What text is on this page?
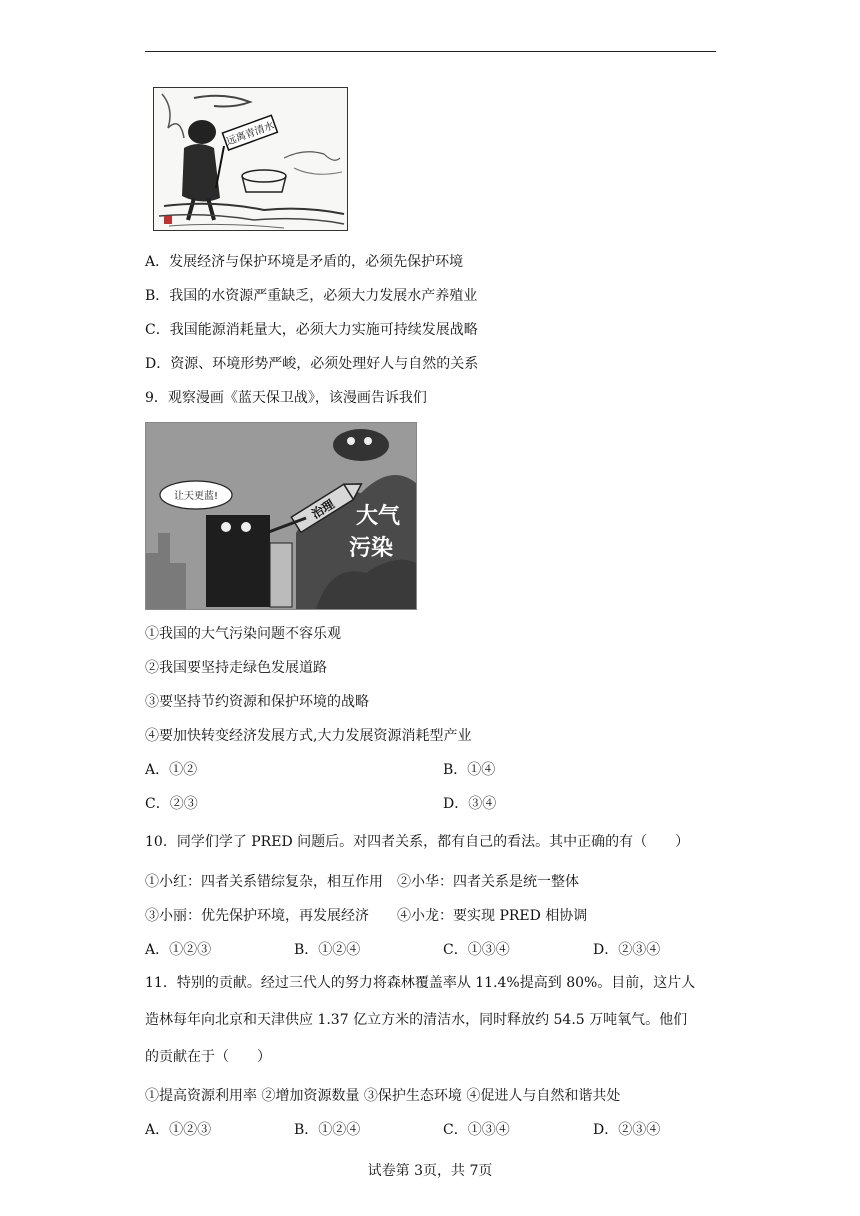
远离青清水
A．发展经济与保护环境是矛盾的，必须先保护环境
B．我国的水资源严重缺乏，必须大力发展水产养殖业
C．我国能源消耗量大，必须大力实施可持续发展战略
D．资源、环境形势严峻，必须处理好人与自然的关系
9．观察漫画《蓝天保卫战》，该漫画告诉我们
治理 大气
污染
让天更蓝!
①我国的大气污染问题不容乐观
②我国要坚持走绿色发展道路
③要坚持节约资源和保护环境的战略
④要加快转变经济发展方式,大力发展资源消耗型产业
A．①②	B．①④
C．②③	D．③④
10．同学们学了 PRED 问题后。对四者关系，都有自己的看法。其中正确的有（　　）
①小红：四者关系错综复杂，相互作用　②小华：四者关系是统一整体
③小丽：优先保护环境，再发展经济　　④小龙：要实现 PRED 相协调
A．①②③	B．①②④	C．①③④	D．②③④
11．特别的贡献。经过三代人的努力将森林覆盖率从 11.4%提高到 80%。目前，这片人
造林每年向北京和天津供应 1.37 亿立方米的清洁水，同时释放约 54.5 万吨氧气。他们
的贡献在于（　　）
①提高资源利用率 ②增加资源数量 ③保护生态环境 ④促进人与自然和谐共处
A．①②③	B．①②④	C．①③④	D．②③④
试卷第 3页，共 7页
